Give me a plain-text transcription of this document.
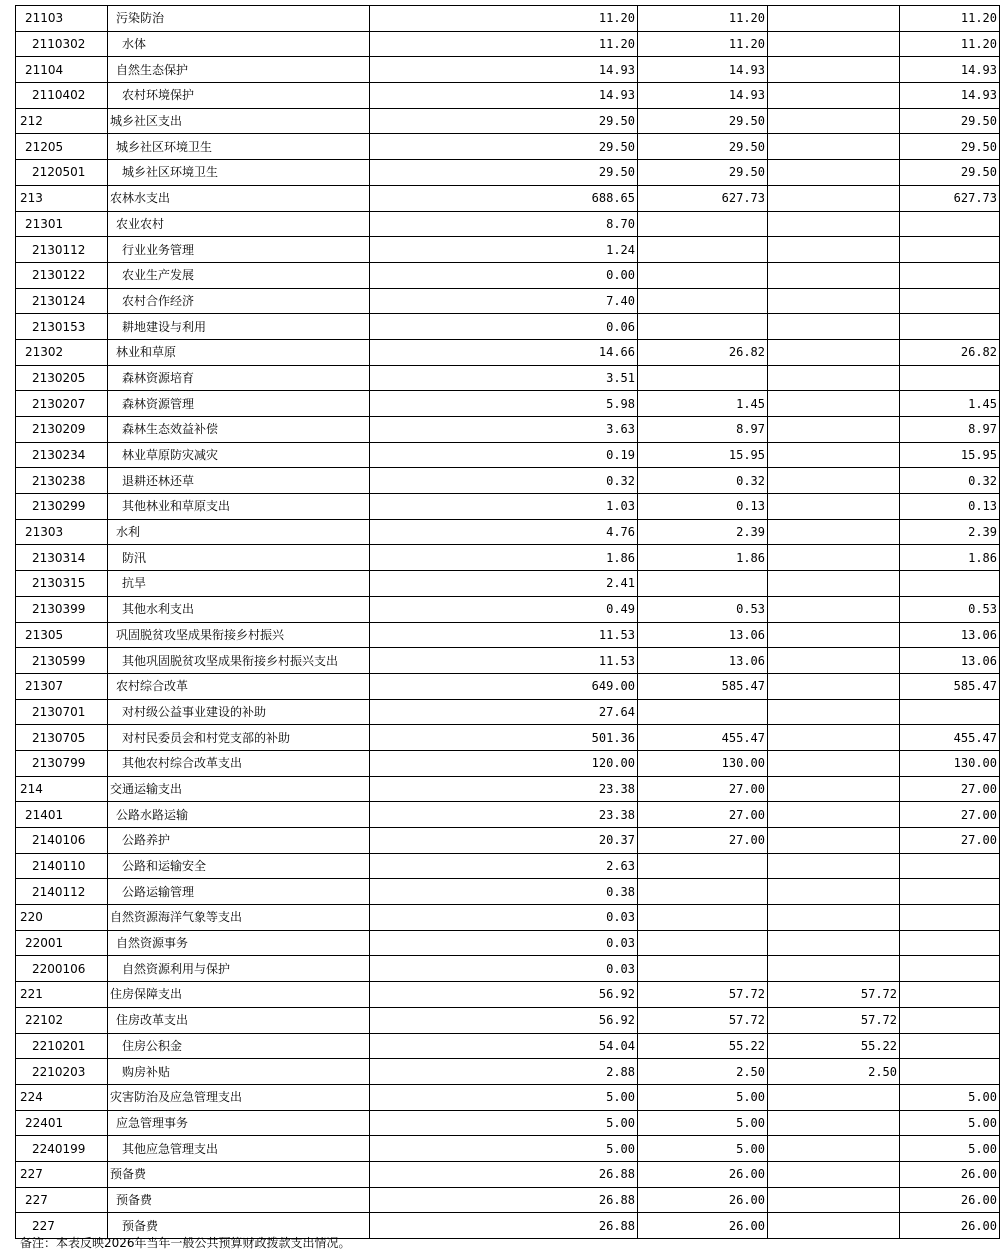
21103	污染防治	11.20	11.20		11.20
2110302	水体	11.20	11.20		11.20
21104	自然生态保护	14.93	14.93		14.93
2110402	农村环境保护	14.93	14.93		14.93
212	城乡社区支出	29.50	29.50		29.50
21205	城乡社区环境卫生	29.50	29.50		29.50
2120501	城乡社区环境卫生	29.50	29.50		29.50
213	农林水支出	688.65	627.73		627.73
21301	农业农村	8.70			
2130112	行业业务管理	1.24			
2130122	农业生产发展	0.00			
2130124	农村合作经济	7.40			
2130153	耕地建设与利用	0.06			
21302	林业和草原	14.66	26.82		26.82
2130205	森林资源培育	3.51			
2130207	森林资源管理	5.98	1.45		1.45
2130209	森林生态效益补偿	3.63	8.97		8.97
2130234	林业草原防灾减灾	0.19	15.95		15.95
2130238	退耕还林还草	0.32	0.32		0.32
2130299	其他林业和草原支出	1.03	0.13		0.13
21303	水利	4.76	2.39		2.39
2130314	防汛	1.86	1.86		1.86
2130315	抗旱	2.41			
2130399	其他水利支出	0.49	0.53		0.53
21305	巩固脱贫攻坚成果衔接乡村振兴	11.53	13.06		13.06
2130599	其他巩固脱贫攻坚成果衔接乡村振兴支出	11.53	13.06		13.06
21307	农村综合改革	649.00	585.47		585.47
2130701	对村级公益事业建设的补助	27.64			
2130705	对村民委员会和村党支部的补助	501.36	455.47		455.47
2130799	其他农村综合改革支出	120.00	130.00		130.00
214	交通运输支出	23.38	27.00		27.00
21401	公路水路运输	23.38	27.00		27.00
2140106	公路养护	20.37	27.00		27.00
2140110	公路和运输安全	2.63			
2140112	公路运输管理	0.38			
220	自然资源海洋气象等支出	0.03			
22001	自然资源事务	0.03			
2200106	自然资源利用与保护	0.03			
221	住房保障支出	56.92	57.72	57.72	
22102	住房改革支出	56.92	57.72	57.72	
2210201	住房公积金	54.04	55.22	55.22	
2210203	购房补贴	2.88	2.50	2.50	
224	灾害防治及应急管理支出	5.00	5.00		5.00
22401	应急管理事务	5.00	5.00		5.00
2240199	其他应急管理支出	5.00	5.00		5.00
227	预备费	26.88	26.00		26.00
227	预备费	26.88	26.00		26.00
227	预备费	26.88	26.00		26.00
备注：本表反映2026年当年一般公共预算财政拨款支出情况。
